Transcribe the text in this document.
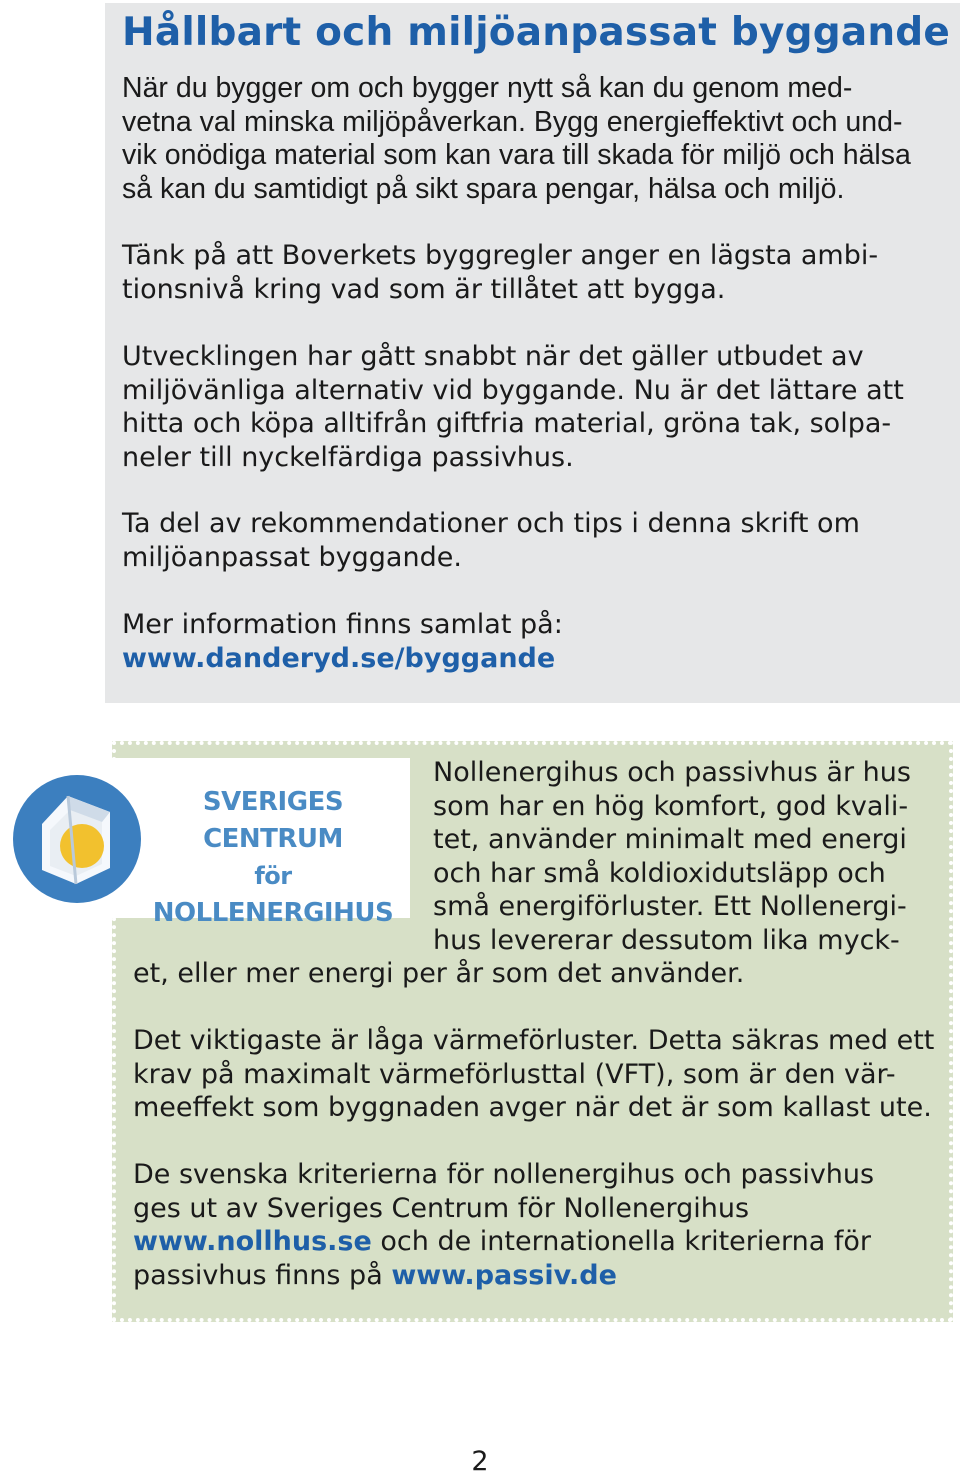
Hållbart och miljöanpassat byggande

När du bygger om och bygger nytt så kan du genom med-
vetna val minska miljöpåverkan. Bygg energieffektivt och und-
vik onödiga material som kan vara till skada för miljö och hälsa
så kan du samtidigt på sikt spara pengar, hälsa och miljö.

Tänk på att Boverkets byggregler anger en lägsta ambi-
tionsnivå kring vad som är tillåtet att bygga.

Utvecklingen har gått snabbt när det gäller utbudet av
miljövänliga alternativ vid byggande. Nu är det lättare att
hitta och köpa alltifrån giftfria material, gröna tak, solpa-
neler till nyckelfärdiga passivhus.

Ta del av rekommendationer och tips i denna skrift om
miljöanpassat byggande.

Mer information finns samlat på:
www.danderyd.se/byggande

SVERIGES CENTRUM
för
NOLLENERGIHUS

Nollenergihus och passivhus är hus
som har en hög komfort, god kvali-
tet, använder minimalt med energi
och har små koldioxidutsläpp och
små energiförluster. Ett Nollenergi-
hus levererar dessutom lika myck-

et, eller mer energi per år som det använder.

Det viktigaste är låga värmeförluster. Detta säkras med ett
krav på maximalt värmeförlusttal (VFT), som är den vär-
meeffekt som byggnaden avger när det är som kallast ute.

De svenska kriterierna för nollenergihus och passivhus
ges ut av Sveriges Centrum för Nollenergihus
www.nollhus.se och de internationella kriterierna för
passivhus finns på www.passiv.de

2
